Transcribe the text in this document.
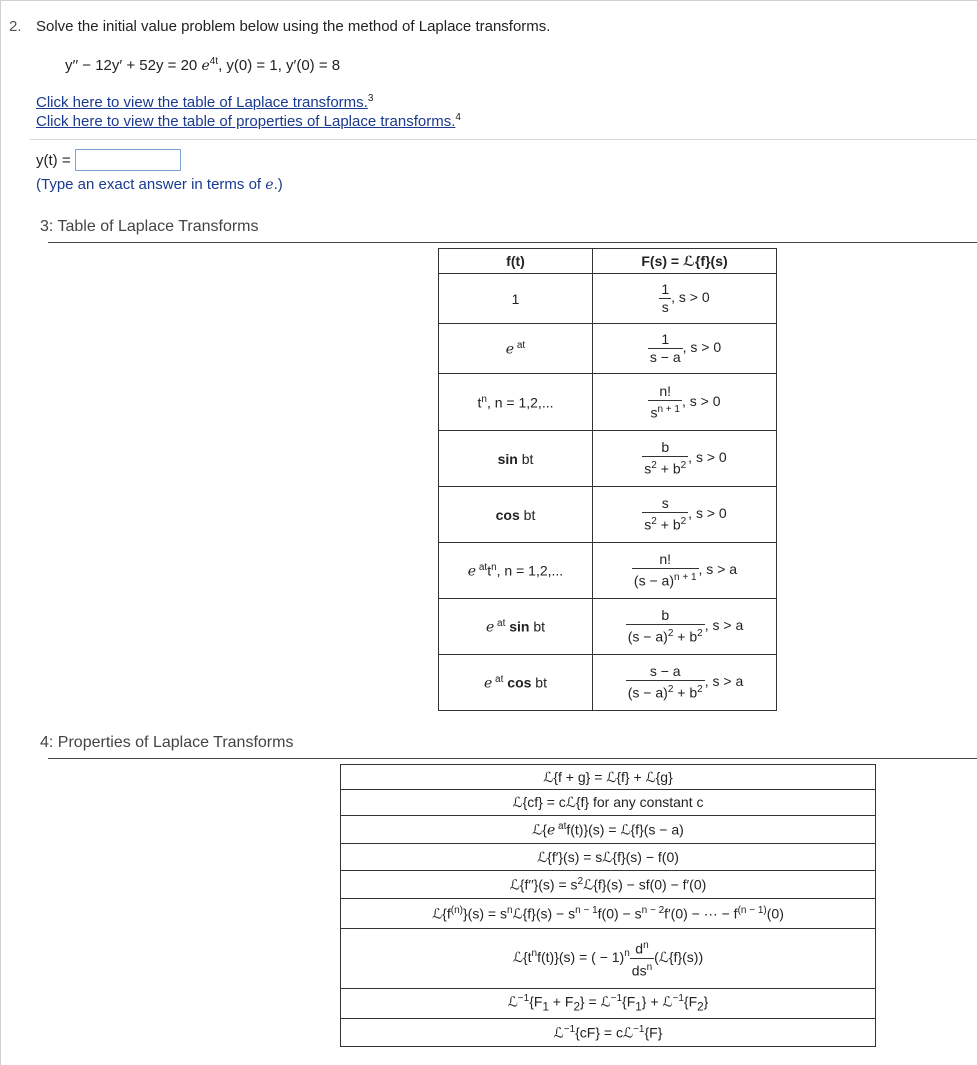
2. Solve the initial value problem below using the method of Laplace transforms.
y′′ − 12y′ + 52y = 20 $e^{4t}$, y(0) = 1, y′(0) = 8
Click here to view the table of Laplace transforms.$^3$
Click here to view the table of properties of Laplace transforms.$^4$
y(t) =
(Type an exact answer in terms of e.)
3: Table of Laplace Transforms
f(t)	F(s) = ℒ{f}(s)
1	$\frac{1}{s}$ , s > 0
e $^{at}$	$\frac{1}{s - a}$ , s > 0
$t^n$, n = 1,2,...	$\frac{n!}{s^{n + 1}}$ , s > 0
sin bt	$\frac{b}{s^2 + b^2}$ , s > 0
cos bt	$\frac{s}{s^2 + b^2}$ , s > 0
e $^{at}t^n$, n = 1,2,...	$\frac{n!}{(s - a)^{n + 1}}$ , s > a
e $^{at}$ sin bt	$\frac{b}{(s - a)^2 + b^2}$ , s > a
e $^{at}$ cos bt	$\frac{s - a}{(s - a)^2 + b^2}$ , s > a
4: Properties of Laplace Transforms
ℒ{f + g} = ℒ{f} + ℒ{g}
ℒ{cf} = cℒ{f} for any constant c
ℒ{e $^{at}$f(t)}(s) = ℒ{f}(s − a)
ℒ{f′}(s) = sℒ{f}(s) − f(0)
ℒ{f′′}(s) = $s^2ℒ\{f\}(s) - sf(0) - f'(0)$
$ℒ\{f^{(n)}\}(s)$ = $s^nℒ\{f\}(s) - s^{n - 1}f(0) - s^{n - 2}f'(0)$ − ··· − $f^{(n - 1)}(0)$
$ℒ\{t^nf(t)\}(s)$ = ( − $1)^n \frac{d^n}{ds^n}$ (ℒ{f}(s))
$ℒ^{-1}\{F_1 + F_2\}$ = $ℒ^{-1}\{F_1\}$ + $ℒ^{-1}\{F_2\}$
ℒ$^{-1}${cF} = cℒ$^{-1}${F}
